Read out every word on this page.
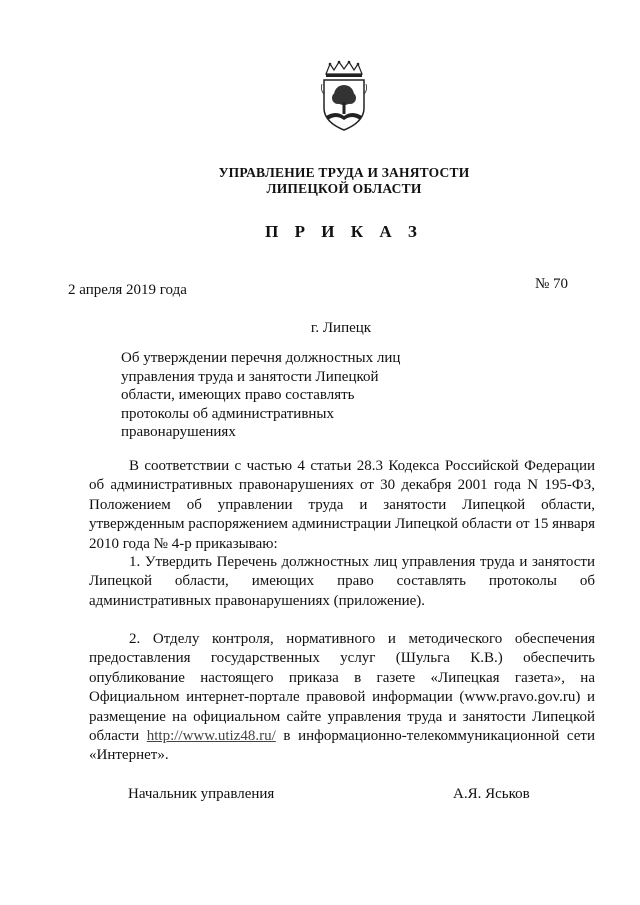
УПРАВЛЕНИЕ ТРУДА И ЗАНЯТОСТИ
ЛИПЕЦКОЙ ОБЛАСТИ
П Р И К А З
2 апреля 2019 года	№ 70
г. Липецк
Об утверждении перечня должностных лиц управления труда и занятости Липецкой области, имеющих право составлять протоколы об административных правонарушениях
В соответствии с частью 4 статьи 28.3 Кодекса Российской Федерации об административных правонарушениях от 30 декабря 2001 года N 195-ФЗ, Положением об управлении труда и занятости Липецкой области, утвержденным распоряжением администрации Липецкой области от 15 января 2010 года № 4-р приказываю:
1. Утвердить Перечень должностных лиц управления труда и занятости Липецкой области, имеющих право составлять протоколы об административных правонарушениях (приложение).
2. Отделу контроля, нормативного и методического обеспечения предоставления государственных услуг (Шульга К.В.) обеспечить опубликование настоящего приказа в газете «Липецкая газета», на Официальном интернет-портале правовой информации (www.pravo.gov.ru) и размещение на официальном сайте управления труда и занятости Липецкой области http://www.utiz48.ru/ в информационно-телекоммуникационной сети «Интернет».
Начальник управления	А.Я. Яськов
